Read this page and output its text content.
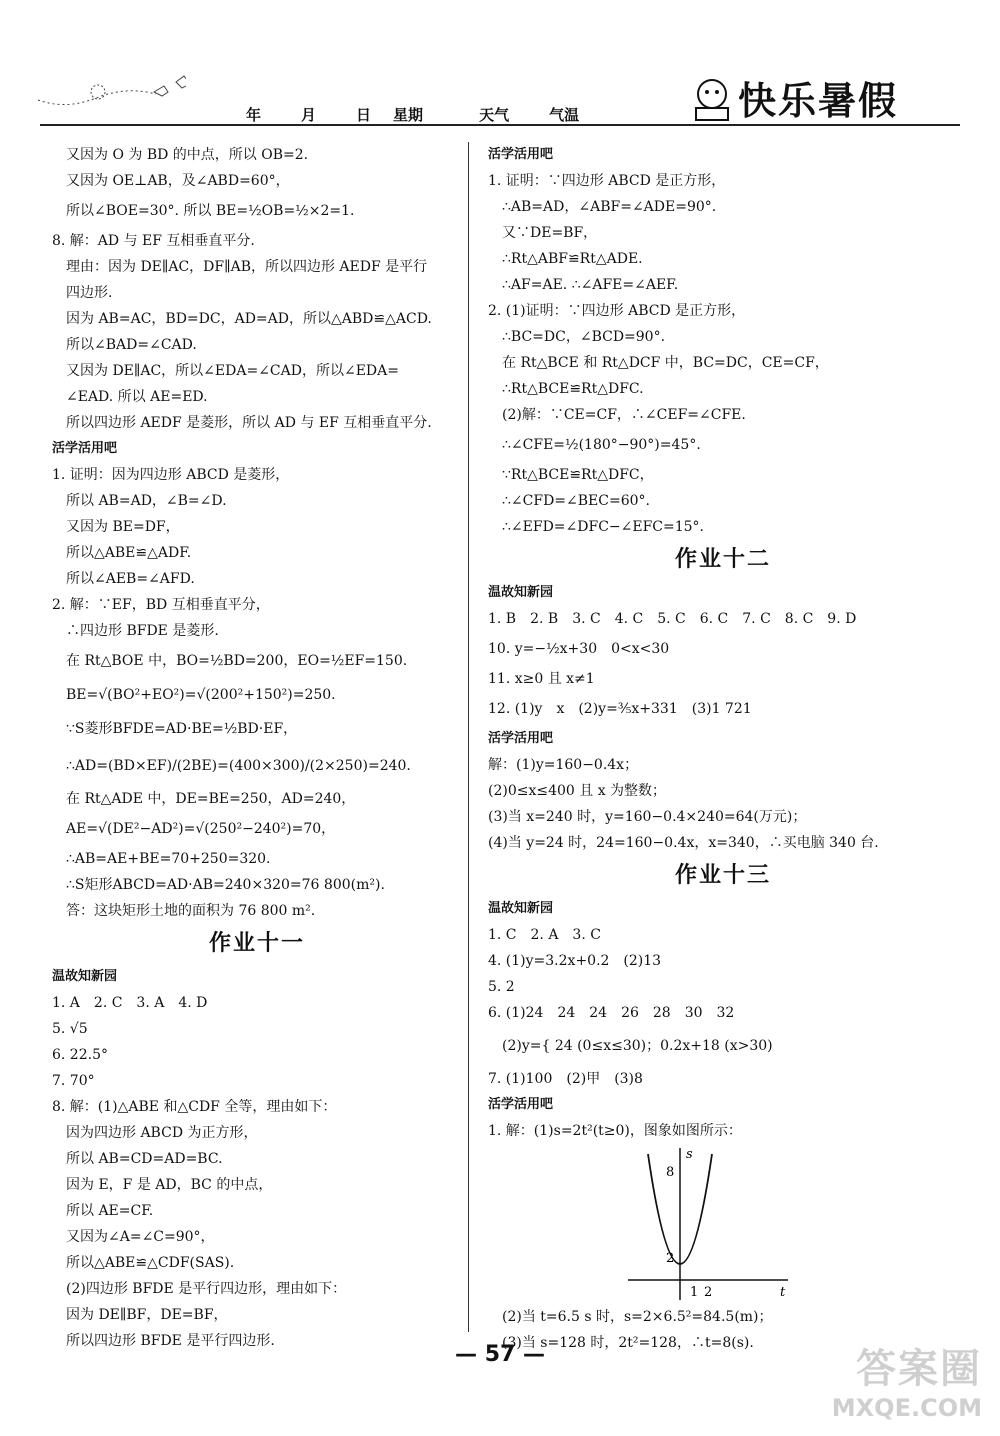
年	月	日 星期	天气	气温	快乐暑假
又因为 O 为 BD 的中点，所以 OB=2.
又因为 OE⊥AB，及∠ABD=60°，
所以∠BOE=30°. 所以 BE=½OB=½×2=1.
8. 解：AD 与 EF 互相垂直平分.
理由：因为 DE∥AC，DF∥AB，所以四边形 AEDF 是平行
四边形.
因为 AB=AC，BD=DC，AD=AD，所以△ABD≌△ACD.
所以∠BAD=∠CAD.
又因为 DE∥AC，所以∠EDA=∠CAD，所以∠EDA=
∠EAD. 所以 AE=ED.
所以四边形 AEDF 是菱形，所以 AD 与 EF 互相垂直平分.
活学活用吧
1. 证明：因为四边形 ABCD 是菱形，
所以 AB=AD，∠B=∠D.
又因为 BE=DF，
所以△ABE≌△ADF.
所以∠AEB=∠AFD.
2. 解：∵EF，BD 互相垂直平分，
∴四边形 BFDE 是菱形.
在 Rt△BOE 中，BO=½BD=200，EO=½EF=150.
BE=√(BO²+EO²)=√(200²+150²)=250.
∵S菱形BFDE=AD·BE=½BD·EF，
∴AD=(BD×EF)/(2BE)=(400×300)/(2×250)=240.
在 Rt△ADE 中，DE=BE=250，AD=240，
AE=√(DE²−AD²)=√(250²−240²)=70，
∴AB=AE+BE=70+250=320.
∴S矩形ABCD=AD·AB=240×320=76 800(m²).
答：这块矩形土地的面积为 76 800 m².
作业十一
温故知新园
1. A　2. C　3. A　4. D
5. √5
6. 22.5°
7. 70°
8. 解：(1)△ABE 和△CDF 全等，理由如下：
因为四边形 ABCD 为正方形，
所以 AB=CD=AD=BC.
因为 E，F 是 AD，BC 的中点，
所以 AE=CF.
又因为∠A=∠C=90°，
所以△ABE≌△CDF(SAS).
(2)四边形 BFDE 是平行四边形，理由如下：
因为 DE∥BF，DE=BF，
所以四边形 BFDE 是平行四边形.
活学活用吧
1. 证明：∵四边形 ABCD 是正方形，
∴AB=AD，∠ABF=∠ADE=90°.
又∵DE=BF，
∴Rt△ABF≌Rt△ADE.
∴AF=AE. ∴∠AFE=∠AEF.
2. (1)证明：∵四边形 ABCD 是正方形，
∴BC=DC，∠BCD=90°.
在 Rt△BCE 和 Rt△DCF 中，BC=DC，CE=CF，
∴Rt△BCE≌Rt△DFC.
(2)解：∵CE=CF，∴∠CEF=∠CFE.
∴∠CFE=½(180°−90°)=45°.
∵Rt△BCE≌Rt△DFC，
∴∠CFD=∠BEC=60°.
∴∠EFD=∠DFC−∠EFC=15°.
作业十二
温故知新园
1. B　2. B　3. C　4. C　5. C　6. C　7. C　8. C　9. D
10. y=−½x+30　0<x<30
11. x≥0 且 x≠1
12. (1)y　x　(2)y=⅗x+331　(3)1 721
活学活用吧
解：(1)y=160−0.4x；
(2)0≤x≤400 且 x 为整数；
(3)当 x=240 时，y=160−0.4×240=64(万元)；
(4)当 y=24 时，24=160−0.4x，x=340，∴买电脑 340 台.
作业十三
温故知新园
1. C　2. A　3. C
4. (1)y=3.2x+0.2　(2)13
5. 2
6. (1)24　24　24　26　28　30　32
(2)y={ 24 (0≤x≤30)；0.2x+18 (x>30)
7. (1)100　(2)甲　(3)8
活学活用吧
1. 解：(1)s=2t²(t≥0)，图象如图所示：
s
t
8
2
1 2
(2)当 t=6.5 s 时，s=2×6.5²=84.5(m)；
(3)当 s=128 时，2t²=128，∴t=8(s).
— 57 —	答案圈
MXQE.COM
